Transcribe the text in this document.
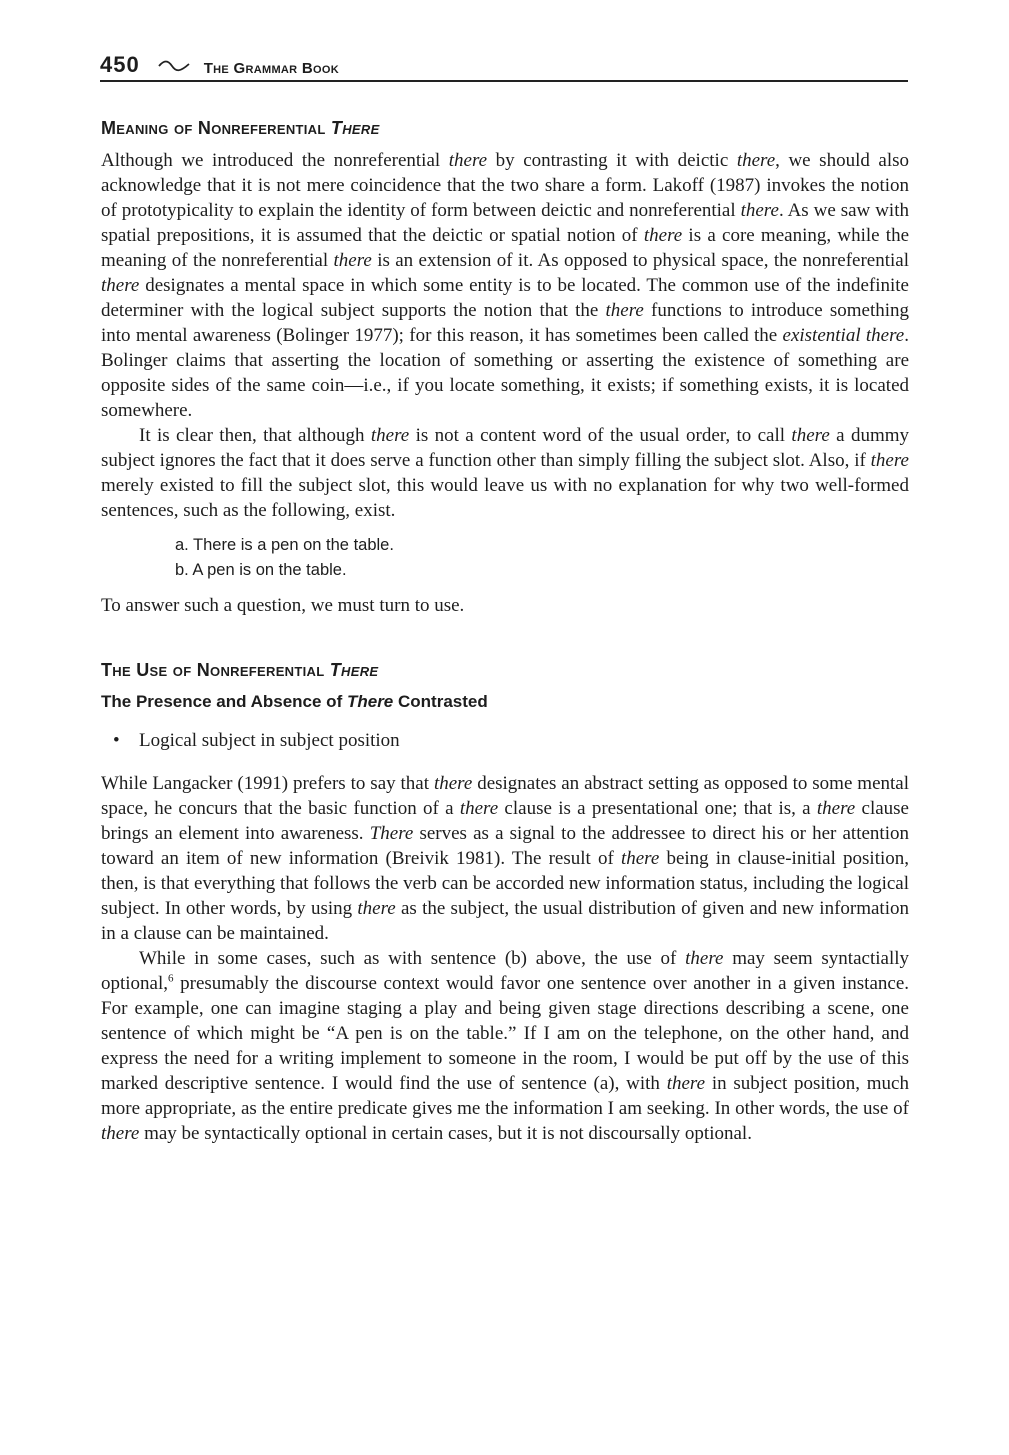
450	The Grammar Book
Meaning of Nonreferential There

Although we introduced the nonreferential there by contrasting it with deictic there, we should also acknowledge that it is not mere coincidence that the two share a form. Lakoff (1987) invokes the notion of prototypicality to explain the identity of form between deictic and nonreferential there. As we saw with spatial prepositions, it is assumed that the deictic or spatial notion of there is a core meaning, while the meaning of the nonreferential there is an extension of it. As opposed to physical space, the nonreferential there designates a mental space in which some entity is to be located. The common use of the indefinite determiner with the logical subject supports the notion that the there functions to introduce something into mental awareness (Bolinger 1977); for this reason, it has sometimes been called the existential there. Bolinger claims that asserting the location of something or asserting the existence of something are opposite sides of the same coin—i.e., if you locate something, it exists; if something exists, it is located somewhere.

It is clear then, that although there is not a content word of the usual order, to call there a dummy subject ignores the fact that it does serve a function other than simply filling the subject slot. Also, if there merely existed to fill the subject slot, this would leave us with no explanation for why two well-formed sentences, such as the following, exist.

a. There is a pen on the table.
b. A pen is on the table.

To answer such a question, we must turn to use.

The Use of Nonreferential There
The Presence and Absence of There Contrasted
•	Logical subject in subject position

While Langacker (1991) prefers to say that there designates an abstract setting as opposed to some mental space, he concurs that the basic function of a there clause is a presentational one; that is, a there clause brings an element into awareness. There serves as a signal to the addressee to direct his or her attention toward an item of new information (Breivik 1981). The result of there being in clause-initial position, then, is that everything that follows the verb can be accorded new information status, including the logical subject. In other words, by using there as the subject, the usual distribution of given and new information in a clause can be maintained.

While in some cases, such as with sentence (b) above, the use of there may seem syntactially optional,$^6$ presumably the discourse context would favor one sentence over another in a given instance. For example, one can imagine staging a play and being given stage directions describing a scene, one sentence of which might be “A pen is on the table.” If I am on the telephone, on the other hand, and express the need for a writing implement to someone in the room, I would be put off by the use of this marked descriptive sentence. I would find the use of sentence (a), with there in subject position, much more appropriate, as the entire predicate gives me the information I am seeking. In other words, the use of there may be syntactically optional in certain cases, but it is not discoursally optional.
